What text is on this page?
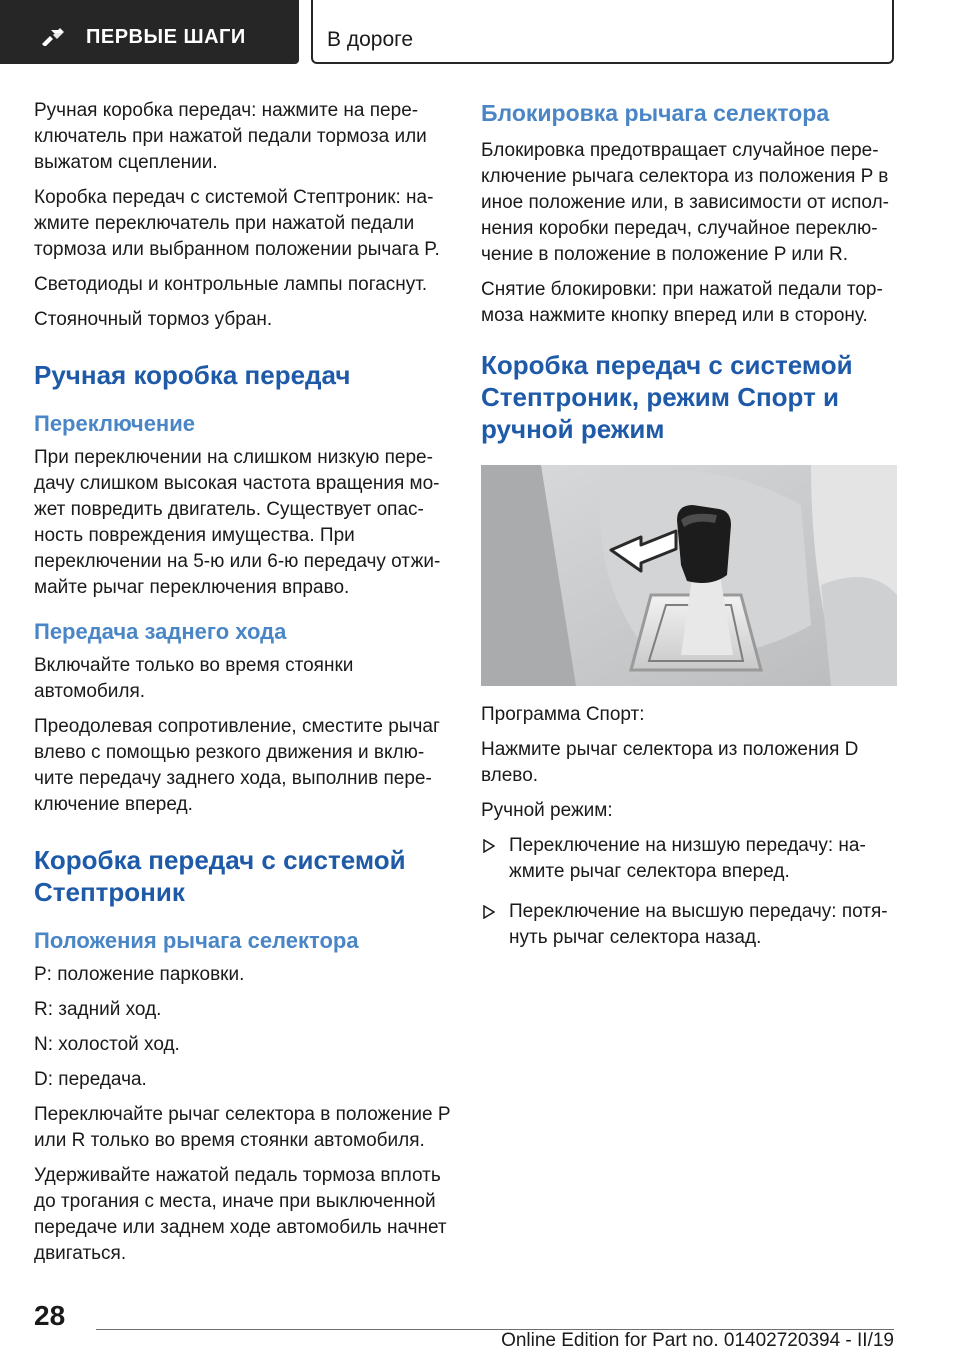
ПЕРВЫЕ ШАГИ	В дороге

Ручная коробка передач: нажмите на пере‐ ключатель при нажатой педали тормоза или выжатом сцеплении.

Коробка передач с системой Стептроник: на‐ жмите переключатель при нажатой педали тормоза или выбранном положении рычага P.

Светодиоды и контрольные лампы погаснут.

Стояночный тормоз убран.

Ручная коробка передач
Переключение

При переключении на слишком низкую пере‐ дачу слишком высокая частота вращения мо‐ жет повредить двигатель. Существует опас‐ ность повреждения имущества. При переключении на 5-ю или 6-ю передачу отжи‐ майте рычаг переключения вправо.

Передача заднего хода

Включайте только во время стоянки автомобиля.

Преодолевая сопротивление, сместите рычаг влево с помощью резкого движения и вклю‐ чите передачу заднего хода, выполнив пере‐ ключение вперед.

Коробка передач с системой Стептроник
Положения рычага селектора

P: положение парковки.

R: задний ход.

N: холостой ход.

D: передача.

Переключайте рычаг селектора в положение P или R только во время стоянки автомобиля.

Удерживайте нажатой педаль тормоза вплоть до трогания с места, иначе при выключенной передаче или заднем ходе автомобиль начнет двигаться.

Блокировка рычага селектора

Блокировка предотвращает случайное пере‐ ключение рычага селектора из положения P в иное положение или, в зависимости от испол‐ нения коробки передач, случайное переклю‐ чение в положение в положение P или R.

Снятие блокировки: при нажатой педали тор‐ моза нажмите кнопку вперед или в сторону.

Коробка передач с системой Стептроник, режим Спорт и ручной режим

Программа Спорт:

Нажмите рычаг селектора из положения D влево.

Ручной режим:

Переключение на низшую передачу: на‐ жмите рычаг селектора вперед.
Переключение на высшую передачу: потя‐ нуть рычаг селектора назад.
28
Online Edition for Part no. 01402720394 - II/19
